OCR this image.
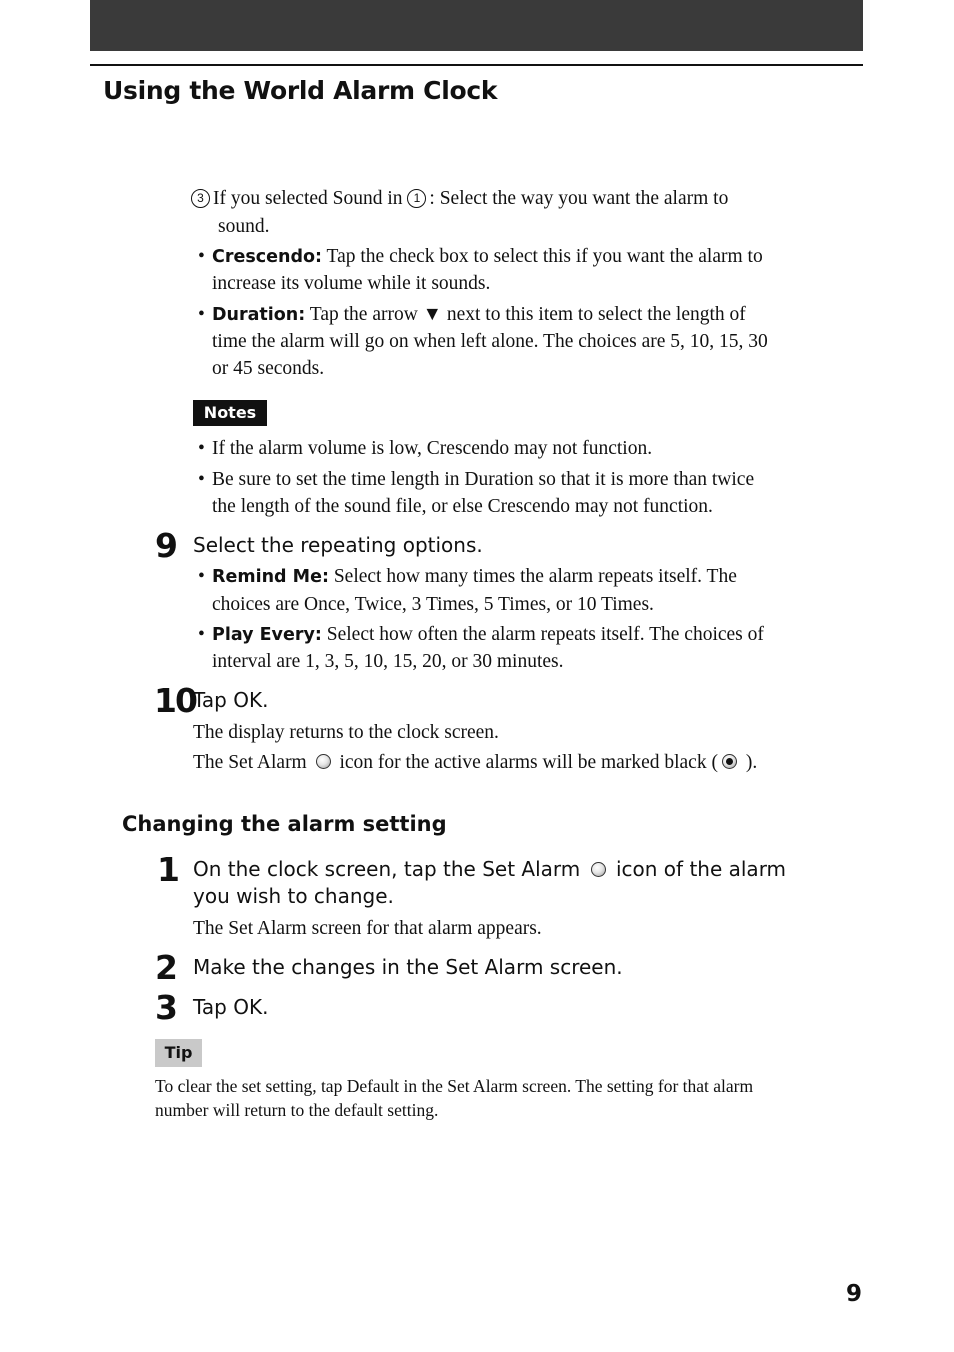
Using the World Alarm Clock
3 If you selected Sound in 1 : Select the way you want the alarm to
sound.
• Crescendo: Tap the check box to select this if you want the alarm to
increase its volume while it sounds.
• Duration: Tap the arrow ▼ next to this item to select the length of
time the alarm will go on when left alone. The choices are 5, 10, 15, 30
or 45 seconds.
Notes
• If the alarm volume is low, Crescendo may not function.
• Be sure to set the time length in Duration so that it is more than twice
the length of the sound file, or else Crescendo may not function.
9 Select the repeating options.
• Remind Me: Select how many times the alarm repeats itself. The
choices are Once, Twice, 3 Times, 5 Times, or 10 Times.
• Play Every: Select how often the alarm repeats itself. The choices of
interval are 1, 3, 5, 10, 15, 20, or 30 minutes.
10
Tap OK.
The display returns to the clock screen.
The Set Alarm  icon for the active alarms will be marked black ( ).
Changing the alarm setting
1 On the clock screen, tap the Set Alarm  icon of the alarm
you wish to change.
The Set Alarm screen for that alarm appears.
2 Make the changes in the Set Alarm screen.
3 Tap OK.
Tip
To clear the set setting, tap Default in the Set Alarm screen. The setting for that alarm
number will return to the default setting.
9
